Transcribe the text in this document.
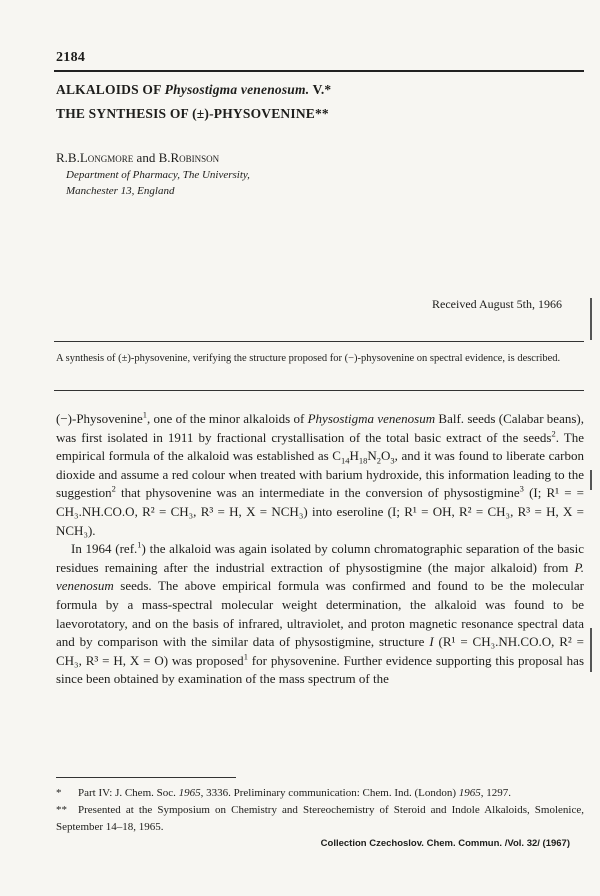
2184
ALKALOIDS OF Physostigma venenosum. V.*
THE SYNTHESIS OF (±)-PHYSOVENINE**
R.B.Longmore and B.Robinson
Department of Pharmacy, The University,
Manchester 13, England
Received August 5th, 1966
A synthesis of (±)-physovenine, verifying the structure proposed for (−)-physovenine on spectral evidence, is described.

(−)-Physovenine$^1$, one of the minor alkaloids of Physostigma venenosum Balf. seeds (Calabar beans), was first isolated in 1911 by fractional crystallisation of the total basic extract of the seeds$^2$. The empirical formula of the alkaloid was established as $C_{14}H_{18}N_2O_3$, and it was found to liberate carbon dioxide and assume a red colour when treated with barium hydroxide, this information leading to the suggestion$^2$ that physovenine was an intermediate in the conversion of physostigmine$^3$ (I; R¹ = = CH₃.NH.CO.O, R² = CH₃, R³ = H, X = NCH₃) into eseroline (I; R¹ = OH, R² = CH₃, R³ = H, X = NCH₃).

In 1964 (ref.$^1$) the alkaloid was again isolated by column chromatographic separation of the basic residues remaining after the industrial extraction of physostigmine (the major alkaloid) from P. venenosum seeds. The above empirical formula was confirmed and found to be the molecular formula by a mass-spectral molecular weight determination, the alkaloid was found to be laevorotatory, and on the basis of infrared, ultraviolet, and proton magnetic resonance spectral data and by comparison with the similar data of physostigmine, structure I (R¹ = CH₃.NH.CO.O, R² = CH₃, R³ = H, X = O) was proposed$^1$ for physovenine. Further evidence supporting this proposal has since been obtained by examination of the mass spectrum of the

* Part IV: J. Chem. Soc. 1965, 3336. Preliminary communication: Chem. Ind. (London) 1965, 1297.

** Presented at the Symposium on Chemistry and Stereochemistry of Steroid and Indole Alkaloids, Smolenice, September 14–18, 1965.

Collection Czechoslov. Chem. Commun. /Vol. 32/ (1967)
